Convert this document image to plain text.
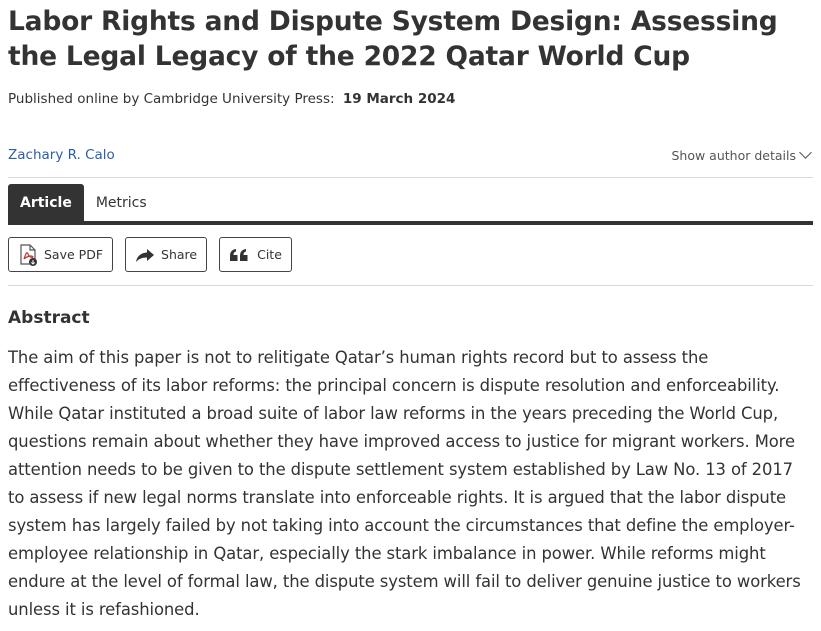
Labor Rights and Dispute System Design: Assessing the Legal Legacy of the 2022 Qatar World Cup
Published online by Cambridge University Press: 19 March 2024
Zachary R. Calo	Show author details
Article	Metrics
Save PDF	Share	Cite
Abstract
The aim of this paper is not to relitigate Qatar’s human rights record but to assess the effectiveness of its labor reforms: the principal concern is dispute resolution and enforceability. While Qatar instituted a broad suite of labor law reforms in the years preceding the World Cup, questions remain about whether they have improved access to justice for migrant workers. More attention needs to be given to the dispute settlement system established by Law No. 13 of 2017 to assess if new legal norms translate into enforceable rights. It is argued that the labor dispute system has largely failed by not taking into account the circumstances that define the employer-employee relationship in Qatar, especially the stark imbalance in power. While reforms might endure at the level of formal law, the dispute system will fail to deliver genuine justice to workers unless it is refashioned.
